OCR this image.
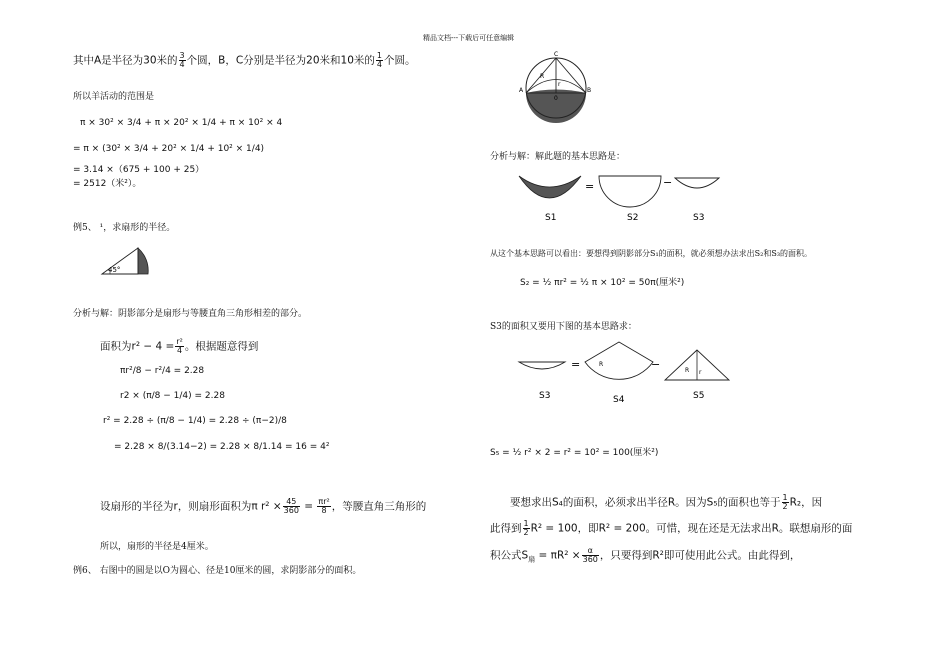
精品文档---下载后可任意编辑
其中A是半径为30米的 $\frac{3}{4}$ 个圆，B，C分别是半径为20米和10米的 $\frac{1}{4}$ 个圆。
所以羊活动的范围是
π × 30² × 3/4 + π × 20² × 1/4 + π × 10² × 4
= π × (30² × 3/4 + 20² × 1/4 + 10² × 1/4)
= 3.14 ×（675 + 100 + 25）
= 2512（米²）。
例5、 ¹，求扇形的半径。
45°
分析与解：阴影部分是扇形与等腰直角三角形相差的部分。
面积为$r^2 - 4 = \frac{\text{r²}}{4}$ 。根据题意得到
πr²/8 − r²/4 = 2.28
r2 × (π/8 − 1/4) = 2.28
r² = 2.28 ÷ (π/8 − 1/4) = 2.28 ÷ (π−2)/8
= 2.28 × 8/(3.14−2) = 2.28 × 8/1.14 = 16 = 4²
设扇形的半径为r，则扇形面积为π $r^2 \times \frac{45}{360} = \frac{\text{πr²}}{8}$ ，等腰直角三角形的
所以，扇形的半径是4厘米。
例6、 右图中的圆是以O为圆心、径是10厘米的圆，求阴影部分的面积。
C
R
r
A
0
B
分析与解：解此题的基本思路是：
=	−
S1	S2	S3
从这个基本思路可以看出：要想得到阴影部分S₁的面积，就必须想办法求出S₂和S₃的面积。
S₂ = ½ πr² = ½ π × 10² = 50π(厘米²)
S3的面积又要用下图的基本思路求：
=	R	−	R r
S3	S4	S5
S₅ = ½ r² × 2 = r² = 10² = 100(厘米²)
要想求出S₄的面积，必须求出半径R。因为S₅的面积也等于 $\frac{1}{2} R_2$，因
此得到 $\frac{1}{2} R^2 = 100$，即R² = 200。可惜，现在还是无法求出R。联想扇形的面
积公式$S_扇 = \pi R^2 \times \frac{\alpha}{360}$ ，只要得到R²即可使用此公式。由此得到，
